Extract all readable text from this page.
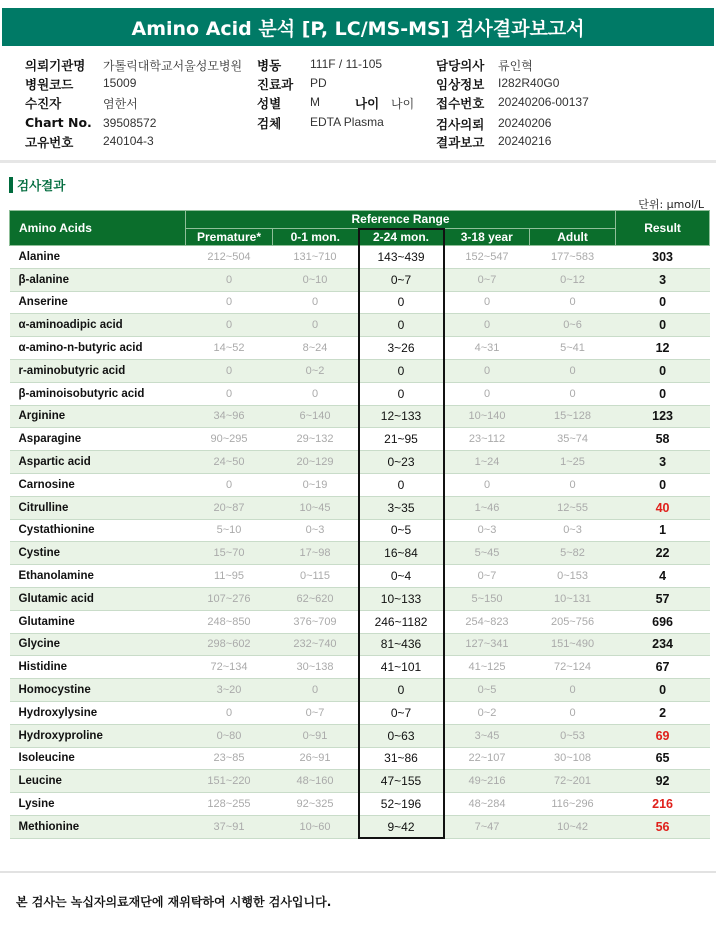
Amino Acid 분석 [P, LC/MS-MS] 검사결과보고서
의뢰기관명 가톨릭대학교서울성모병원
병원코드 15009
수진자	염한서
Chart No. 39508572
고유번호 240104-3
병동 111F / 11-105
진료과 PD
성별 M	나이 나이
검체 EDTA Plasma
담당의사 류인혁
임상정보 I282R40G0
접수번호 20240206-00137
검사의뢰 20240206
결과보고 20240216
검사결과
단위: μmol/L
Amino Acids	Reference Range					Result
	Premature*	0-1 mon.	2-24 mon.	3-18 year	Adult	
Alanine	212~504	131~710	143~439	152~547	177~583	303
β-alanine	0	0~10	0~7	0~7	0~12	3
Anserine	0	0	0	0	0	0
α-aminoadipic acid	0	0	0	0	0~6	0
α-amino-n-butyric acid	14~52	8~24	3~26	4~31	5~41	12
r-aminobutyric acid	0	0~2	0	0	0	0
β-aminoisobutyric acid	0	0	0	0	0	0
Arginine	34~96	6~140	12~133	10~140	15~128	123
Asparagine	90~295	29~132	21~95	23~112	35~74	58
Aspartic acid	24~50	20~129	0~23	1~24	1~25	3
Carnosine	0	0~19	0	0	0	0
Citrulline	20~87	10~45	3~35	1~46	12~55	40
Cystathionine	5~10	0~3	0~5	0~3	0~3	1
Cystine	15~70	17~98	16~84	5~45	5~82	22
Ethanolamine	11~95	0~115	0~4	0~7	0~153	4
Glutamic acid	107~276	62~620	10~133	5~150	10~131	57
Glutamine	248~850	376~709	246~1182	254~823	205~756	696
Glycine	298~602	232~740	81~436	127~341	151~490	234
Histidine	72~134	30~138	41~101	41~125	72~124	67
Homocystine	3~20	0	0	0~5	0	0
Hydroxylysine	0	0~7	0~7	0~2	0	2
Hydroxyproline	0~80	0~91	0~63	3~45	0~53	69
Isoleucine	23~85	26~91	31~86	22~107	30~108	65
Leucine	151~220	48~160	47~155	49~216	72~201	92
Lysine	128~255	92~325	52~196	48~284	116~296	216
Methionine	37~91	10~60	9~42	7~47	10~42	56
본 검사는 녹십자의료재단에 재위탁하여 시행한 검사입니다.
